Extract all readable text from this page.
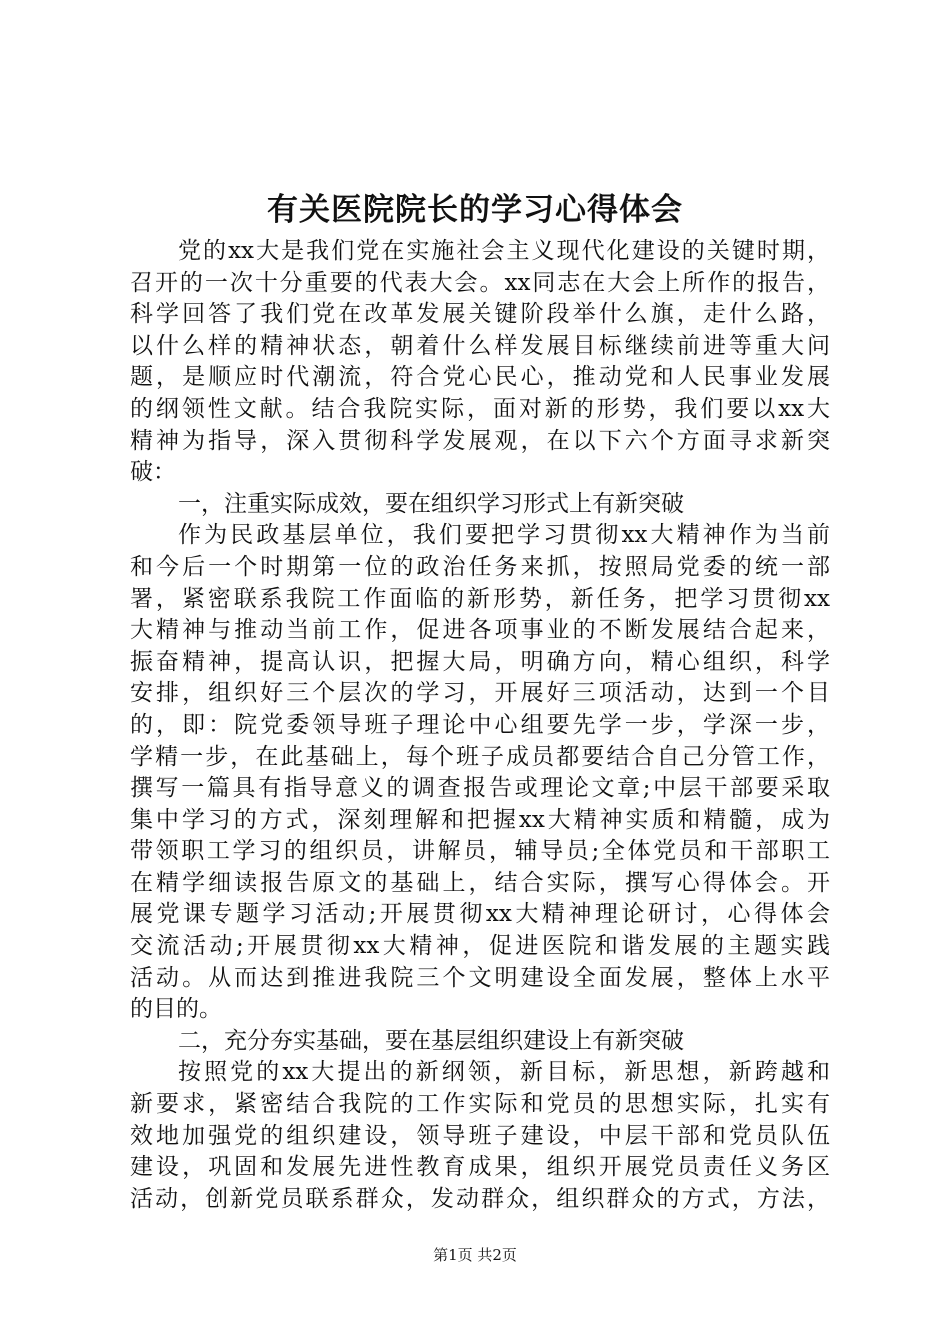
有关医院院长的学习心得体会
党的xx大是我们党在实施社会主义现代化建设的关键时期，
召开的一次十分重要的代表大会。xx同志在大会上所作的报告，
科学回答了我们党在改革发展关键阶段举什么旗，走什么路，
以什么样的精神状态，朝着什么样发展目标继续前进等重大问
题，是顺应时代潮流，符合党心民心，推动党和人民事业发展
的纲领性文献。结合我院实际，面对新的形势，我们要以xx大
精神为指导，深入贯彻科学发展观，在以下六个方面寻求新突
破：
一，注重实际成效，要在组织学习形式上有新突破
作为民政基层单位，我们要把学习贯彻xx大精神作为当前
和今后一个时期第一位的政治任务来抓，按照局党委的统一部
署，紧密联系我院工作面临的新形势，新任务，把学习贯彻xx
大精神与推动当前工作，促进各项事业的不断发展结合起来，
振奋精神，提高认识，把握大局，明确方向，精心组织，科学
安排，组织好三个层次的学习，开展好三项活动，达到一个目
的，即：院党委领导班子理论中心组要先学一步，学深一步，
学精一步，在此基础上，每个班子成员都要结合自己分管工作，
撰写一篇具有指导意义的调查报告或理论文章;中层干部要采取
集中学习的方式，深刻理解和把握xx大精神实质和精髓，成为
带领职工学习的组织员，讲解员，辅导员;全体党员和干部职工
在精学细读报告原文的基础上，结合实际，撰写心得体会。开
展党课专题学习活动;开展贯彻xx大精神理论研讨，心得体会
交流活动;开展贯彻xx大精神，促进医院和谐发展的主题实践
活动。从而达到推进我院三个文明建设全面发展，整体上水平
的目的。
二，充分夯实基础，要在基层组织建设上有新突破
按照党的xx大提出的新纲领，新目标，新思想，新跨越和
新要求，紧密结合我院的工作实际和党员的思想实际，扎实有
效地加强党的组织建设，领导班子建设，中层干部和党员队伍
建设，巩固和发展先进性教育成果，组织开展党员责任义务区
活动，创新党员联系群众，发动群众，组织群众的方式，方法，
第1页 共2页
